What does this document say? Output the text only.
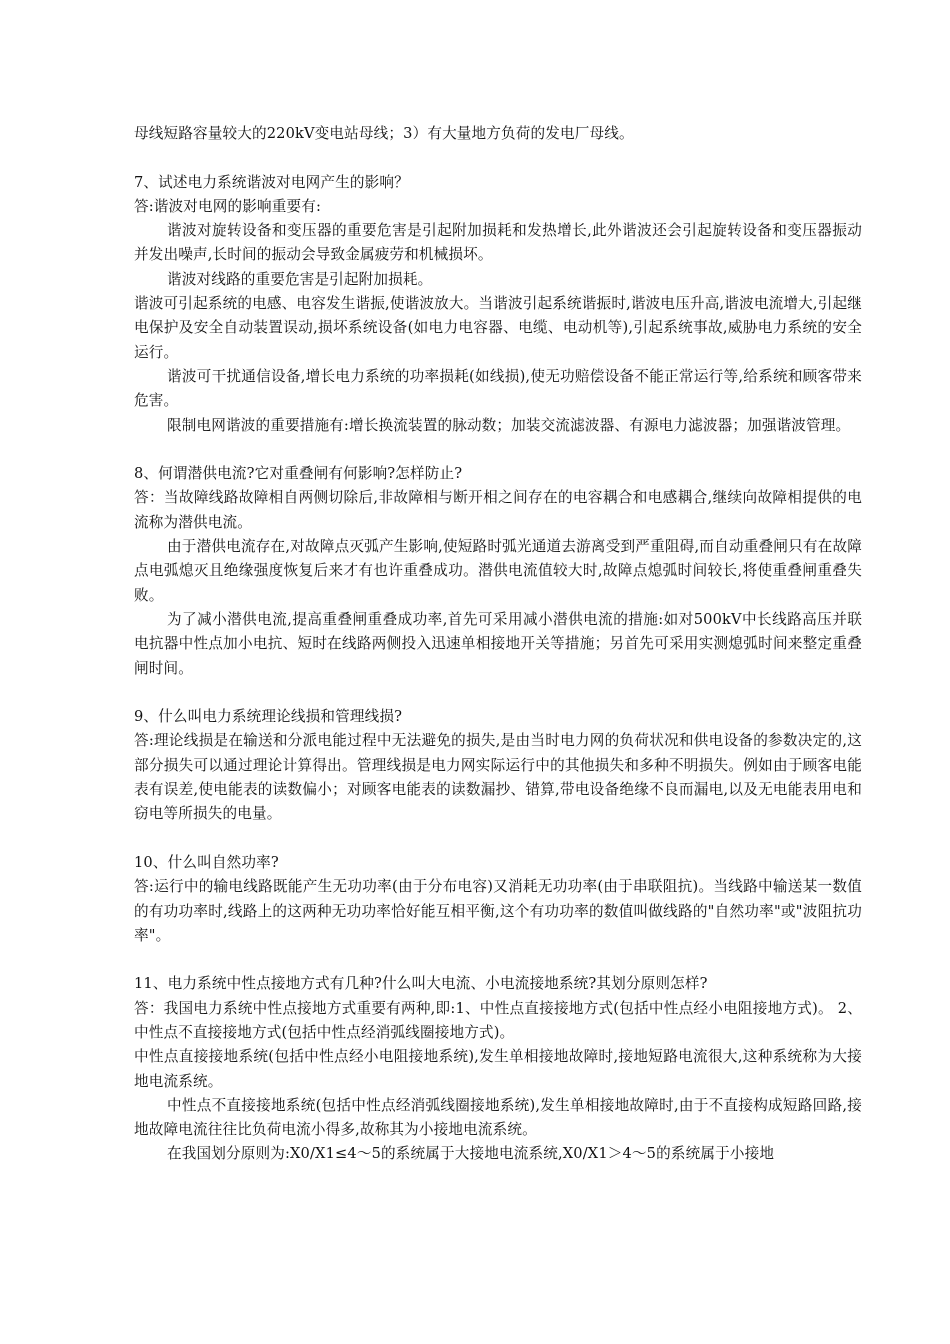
母线短路容量较大的220kV变电站母线；3）有大量地方负荷的发电厂母线。

7、试述电力系统谐波对电网产生的影响？

答:谐波对电网的影响重要有:

谐波对旋转设备和变压器的重要危害是引起附加损耗和发热增长,此外谐波还会引起旋转设备和变压器振动并发出噪声,长时间的振动会导致金属疲劳和机械损坏。

谐波对线路的重要危害是引起附加损耗。

谐波可引起系统的电感、电容发生谐振,使谐波放大。当谐波引起系统谐振时,谐波电压升高,谐波电流增大,引起继电保护及安全自动装置误动,损坏系统设备(如电力电容器、电缆、电动机等),引起系统事故,威胁电力系统的安全运行。

谐波可干扰通信设备,增长电力系统的功率损耗(如线损),使无功赔偿设备不能正常运行等,给系统和顾客带来危害。

限制电网谐波的重要措施有:增长换流装置的脉动数；加装交流滤波器、有源电力滤波器；加强谐波管理。

8、何谓潜供电流?它对重叠闸有何影响?怎样防止?

答：当故障线路故障相自两侧切除后,非故障相与断开相之间存在的电容耦合和电感耦合,继续向故障相提供的电流称为潜供电流。

由于潜供电流存在,对故障点灭弧产生影响,使短路时弧光通道去游离受到严重阻碍,而自动重叠闸只有在故障点电弧熄灭且绝缘强度恢复后来才有也许重叠成功。潜供电流值较大时,故障点熄弧时间较长,将使重叠闸重叠失败。

为了减小潜供电流,提高重叠闸重叠成功率,首先可采用减小潜供电流的措施:如对500kV中长线路高压并联电抗器中性点加小电抗、短时在线路两侧投入迅速单相接地开关等措施；另首先可采用实测熄弧时间来整定重叠闸时间。

9、什么叫电力系统理论线损和管理线损?

答:理论线损是在输送和分派电能过程中无法避免的损失,是由当时电力网的负荷状况和供电设备的参数决定的,这部分损失可以通过理论计算得出。管理线损是电力网实际运行中的其他损失和多种不明损失。例如由于顾客电能表有误差,使电能表的读数偏小；对顾客电能表的读数漏抄、错算,带电设备绝缘不良而漏电,以及无电能表用电和窃电等所损失的电量。

10、什么叫自然功率?

答:运行中的输电线路既能产生无功功率(由于分布电容)又消耗无功功率(由于串联阻抗)。当线路中输送某一数值的有功功率时,线路上的这两种无功功率恰好能互相平衡,这个有功功率的数值叫做线路的"自然功率"或"波阻抗功率"。

11、电力系统中性点接地方式有几种?什么叫大电流、小电流接地系统?其划分原则怎样?

答：我国电力系统中性点接地方式重要有两种,即:1、中性点直接接地方式(包括中性点经小电阻接地方式)。 2、中性点不直接接地方式(包括中性点经消弧线圈接地方式)。

中性点直接接地系统(包括中性点经小电阻接地系统),发生单相接地故障时,接地短路电流很大,这种系统称为大接地电流系统。

中性点不直接接地系统(包括中性点经消弧线圈接地系统),发生单相接地故障时,由于不直接构成短路回路,接地故障电流往往比负荷电流小得多,故称其为小接地电流系统。

在我国划分原则为:X0/X1≤4～5的系统属于大接地电流系统,X0/X1＞4～5的系统属于小接地
